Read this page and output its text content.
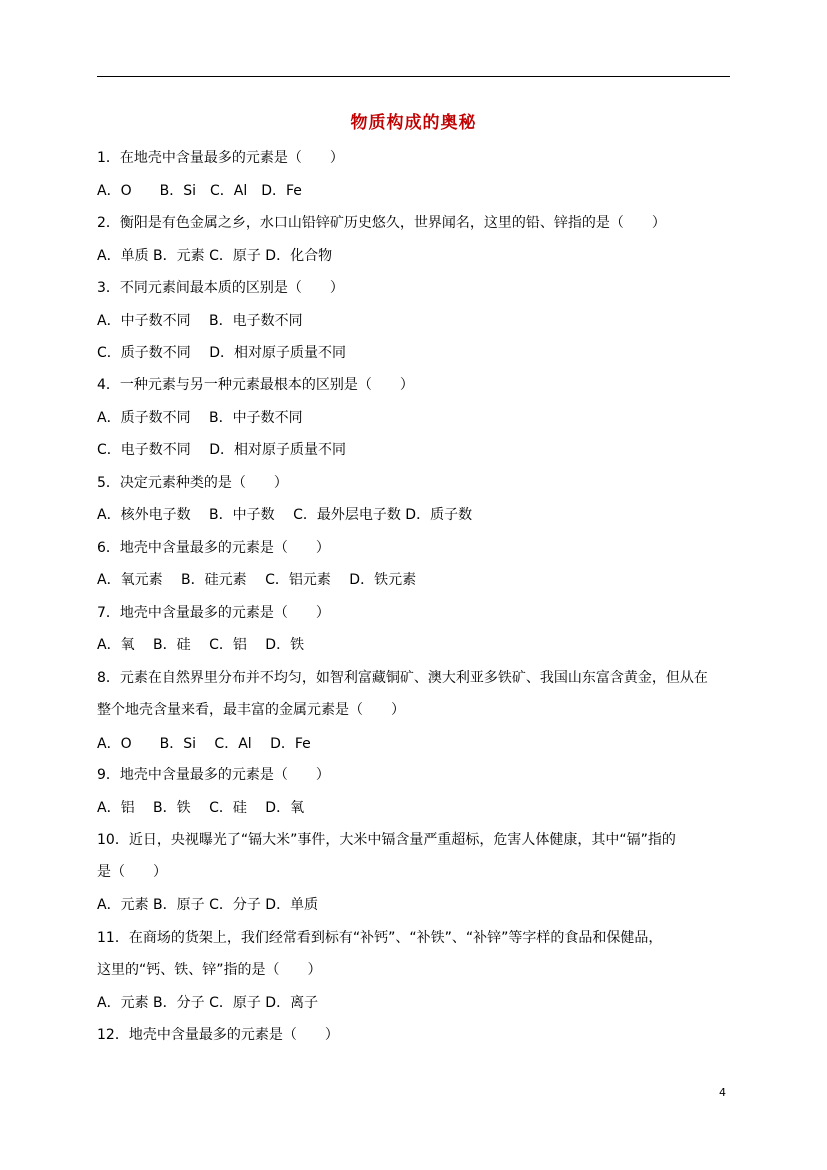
物质构成的奥秘
1．在地壳中含量最多的元素是（　　）
A．O　　B．Si　C．Al　D．Fe
2．衡阳是有色金属之乡，水口山铅锌矿历史悠久，世界闻名，这里的铅、锌指的是（　　）
A．单质 B．元素 C．原子 D．化合物
3．不同元素间最本质的区别是（　　）
A．中子数不同　 B．电子数不同
C．质子数不同　 D．相对原子质量不同
4．一种元素与另一种元素最根本的区别是（　　）
A．质子数不同　 B．中子数不同
C．电子数不同　 D．相对原子质量不同
5．决定元素种类的是（　　）
A．核外电子数　 B．中子数　 C．最外层电子数 D．质子数
6．地壳中含量最多的元素是（　　）
A．氧元素　 B．硅元素　 C．铝元素　 D．铁元素
7．地壳中含量最多的元素是（　　）
A．氧　 B．硅　 C．铝　 D．铁
8．元素在自然界里分布并不均匀，如智利富藏铜矿、澳大利亚多铁矿、我国山东富含黄金，但从在
整个地壳含量来看，最丰富的金属元素是（　　）
A．O　　B．Si　 C．Al　 D．Fe
9．地壳中含量最多的元素是（　　）
A．铝　 B．铁　 C．硅　 D．氧
10．近日，央视曝光了“镉大米”事件，大米中镉含量严重超标，危害人体健康，其中“镉”指的
是（　　）
A．元素 B．原子 C．分子 D．单质
11．在商场的货架上，我们经常看到标有“补钙”、“补铁”、“补锌”等字样的食品和保健品，
这里的“钙、铁、锌”指的是（　　）
A．元素 B．分子 C．原子 D．离子
12．地壳中含量最多的元素是（　　）
4
